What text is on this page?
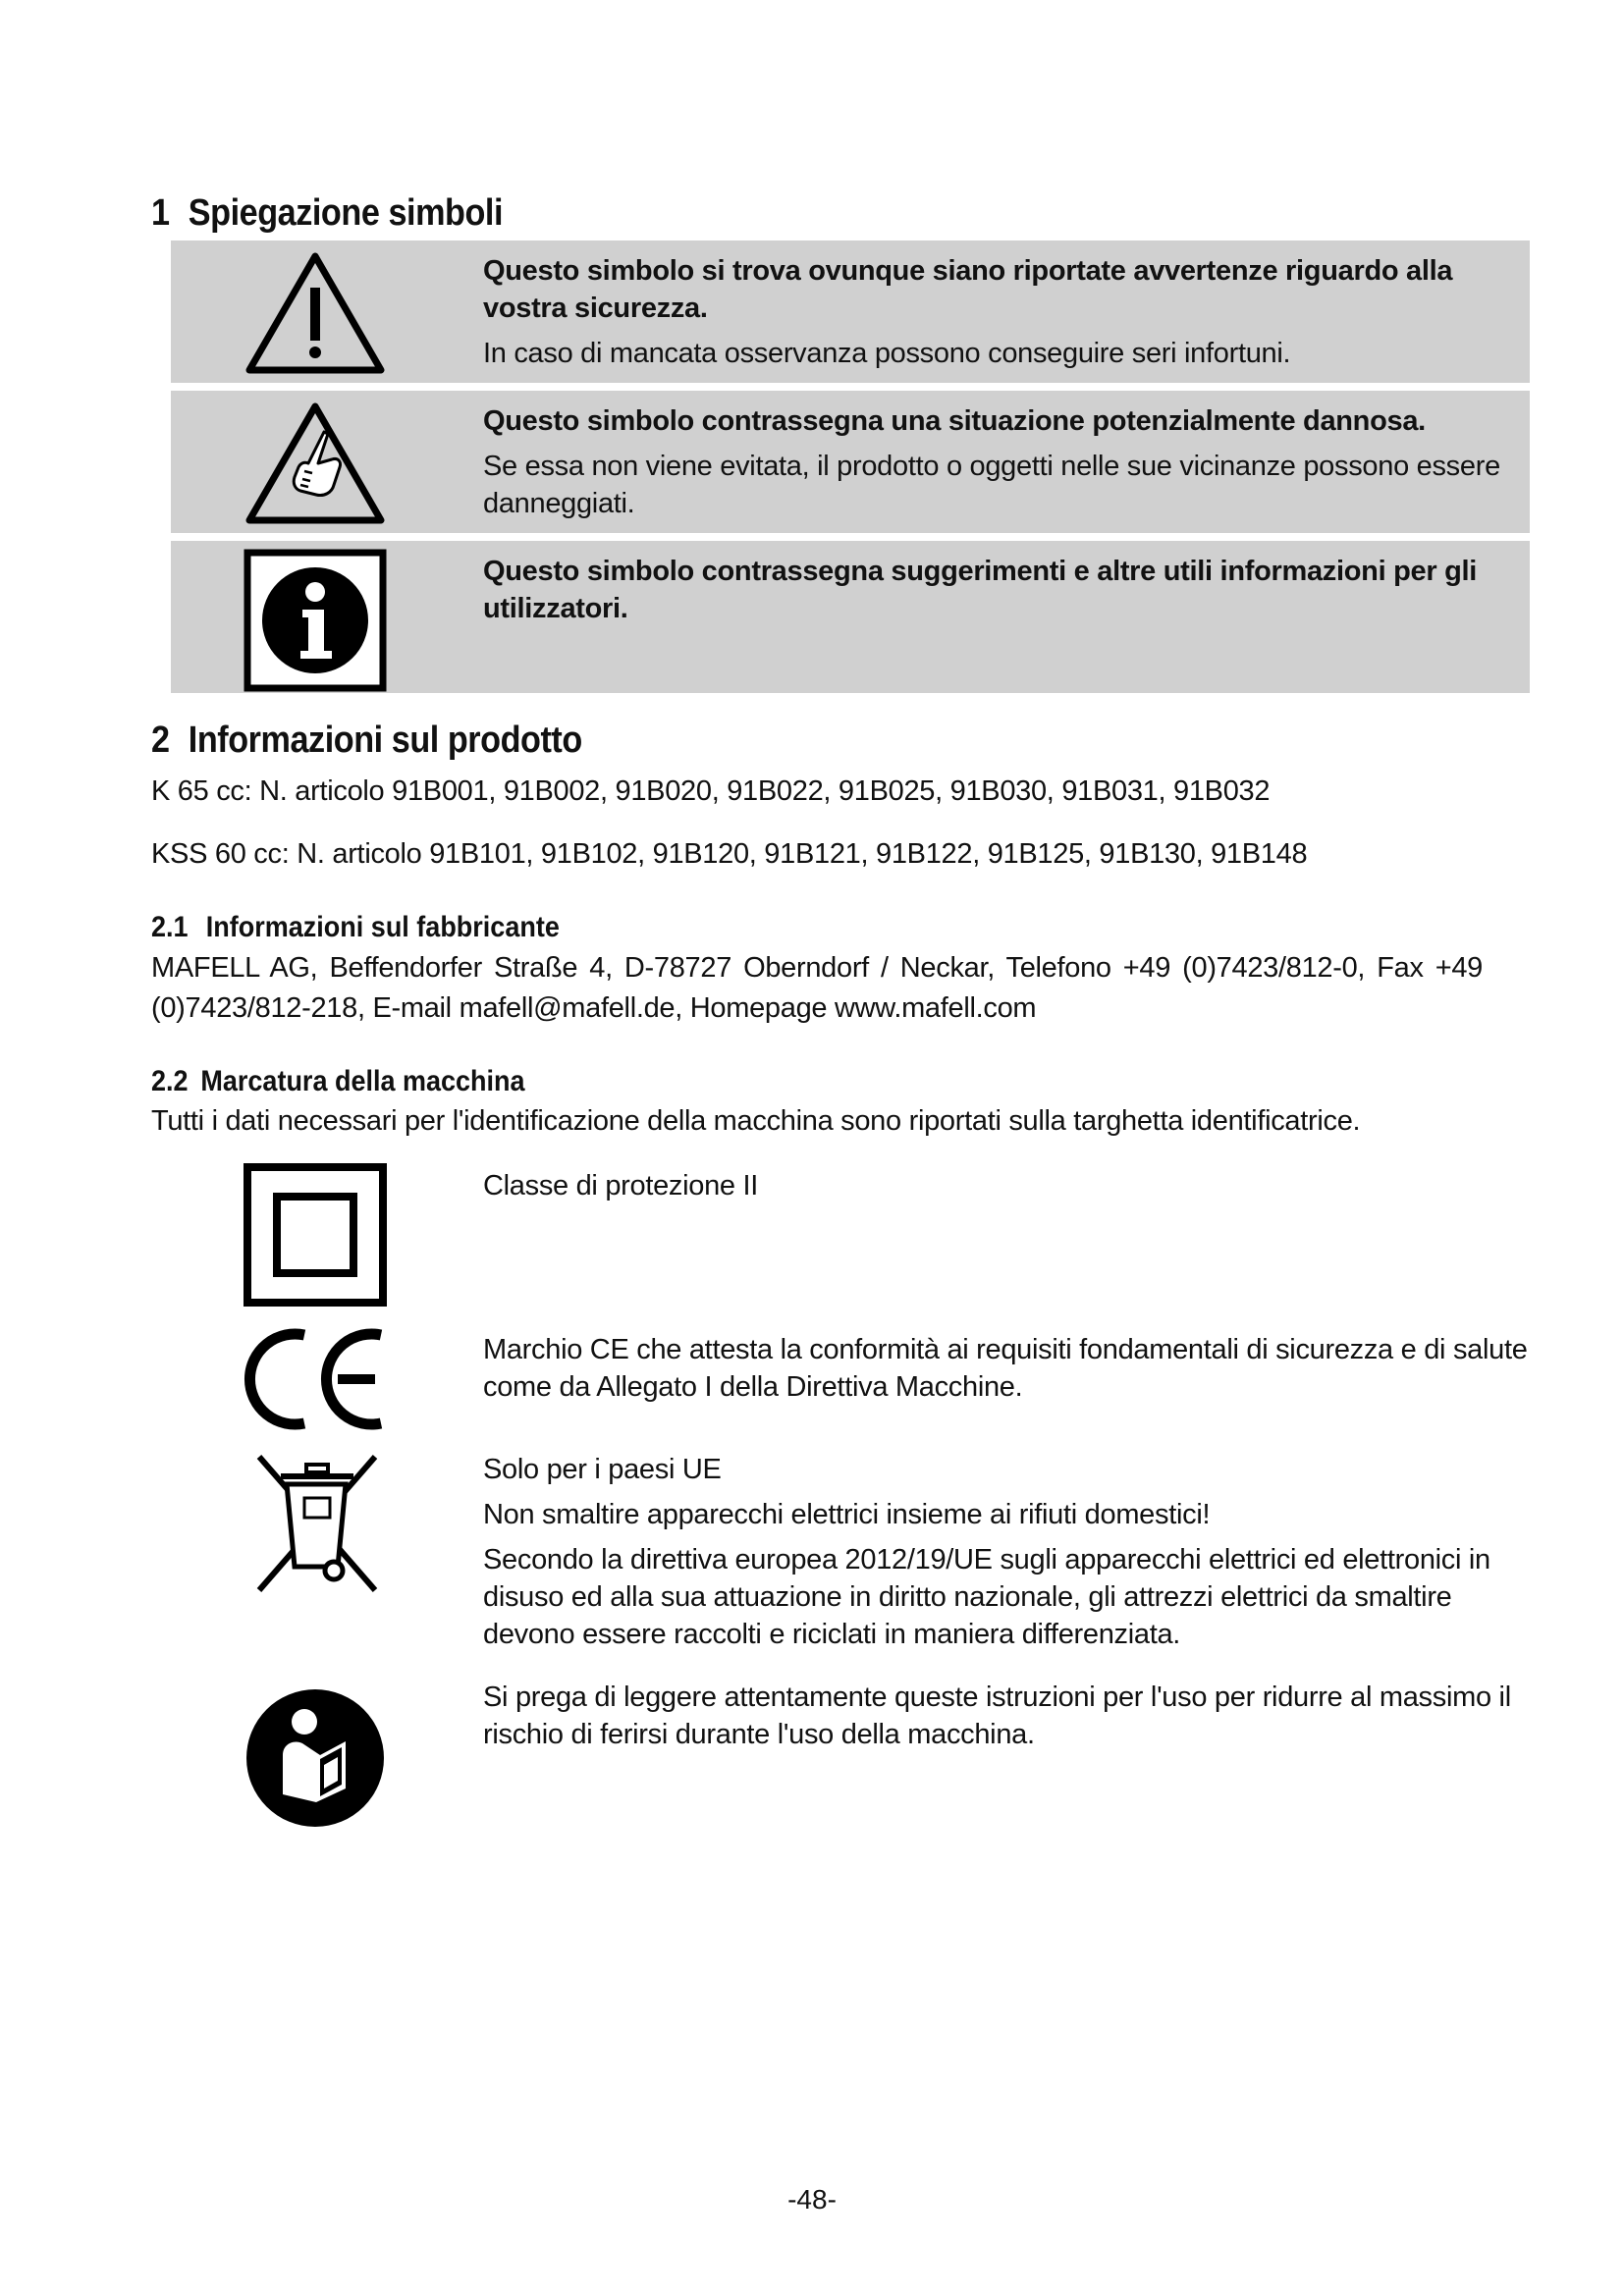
1 Spiegazione simboli

Questo simbolo si trova ovunque siano riportate avvertenze riguardo alla vostra sicurezza.

In caso di mancata osservanza possono conseguire seri infortuni.

Questo simbolo contrassegna una situazione potenzialmente dannosa.

Se essa non viene evitata, il prodotto o oggetti nelle sue vicinanze possono essere danneggiati.

Questo simbolo contrassegna suggerimenti e altre utili informazioni per gli utilizzatori.

2 Informazioni sul prodotto

K 65 cc: N. articolo 91B001, 91B002, 91B020, 91B022, 91B025, 91B030, 91B031, 91B032

KSS 60 cc: N. articolo 91B101, 91B102, 91B120, 91B121, 91B122, 91B125, 91B130, 91B148

2.1 Informazioni sul fabbricante

MAFELL AG, Beffendorfer Straße 4, D-78727 Oberndorf / Neckar, Telefono +49 (0)7423/812-0, Fax +49 (0)7423/812-218, E-mail mafell@mafell.de, Homepage www.mafell.com

2.2 Marcatura della macchina

Tutti i dati necessari per l'identificazione della macchina sono riportati sulla targhetta identificatrice.

Classe di protezione II

Marchio CE che attesta la conformità ai requisiti fondamentali di sicurezza e di salute come da Allegato I della Direttiva Macchine.

Solo per i paesi UE

Non smaltire apparecchi elettrici insieme ai rifiuti domestici!

Secondo la direttiva europea 2012/19/UE sugli apparecchi elettrici ed elettronici in disuso ed alla sua attuazione in diritto nazionale, gli attrezzi elettrici da smaltire devono essere raccolti e riciclati in maniera differenziata.

Si prega di leggere attentamente queste istruzioni per l'uso per ridurre al massimo il rischio di ferirsi durante l'uso della macchina.

-48-
